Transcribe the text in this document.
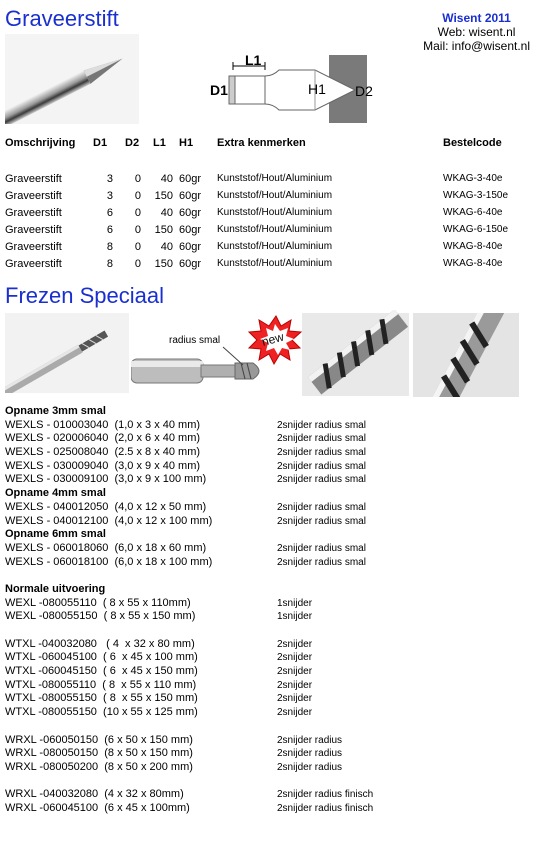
Graveerstift	Wisent 2011
Web: wisent.nl
Mail: info@wisent.nl
L1
D1	H1 D2
Omschrijving	D1	D2	L1	H1	Extra kenmerken	Bestelcode

Graveerstift	3	0	40	60gr	Kunststof/Hout/Aluminium	WKAG-3-40e
Graveerstift	3	0	150	60gr	Kunststof/Hout/Aluminium	WKAG-3-150e
Graveerstift	6	0	40	60gr	Kunststof/Hout/Aluminium	WKAG-6-40e
Graveerstift	6	0	150	60gr	Kunststof/Hout/Aluminium	WKAG-6-150e
Graveerstift	8	0	40	60gr	Kunststof/Hout/Aluminium	WKAG-8-40e
Graveerstift	8	0	150	60gr	Kunststof/Hout/Aluminium	WKAG-8-40e
Frezen Speciaal
radius smal	new
Opname 3mm smal
WEXLS - 010003040  (1,0 x 3 x 40 mm)	2snijder radius smal
WEXLS - 020006040  (2,0 x 6 x 40 mm)	2snijder radius smal
WEXLS - 025008040  (2.5 x 8 x 40 mm)	2snijder radius smal
WEXLS - 030009040  (3,0 x 9 x 40 mm)	2snijder radius smal
WEXLS - 030009100  (3,0 x 9 x 100 mm)	2snijder radius smal
Opname 4mm smal
WEXLS - 040012050  (4,0 x 12 x 50 mm)	2snijder radius smal
WEXLS - 040012100  (4,0 x 12 x 100 mm)	2snijder radius smal
Opname 6mm smal
WEXLS - 060018060  (6,0 x 18 x 60 mm)	2snijder radius smal
WEXLS - 060018100  (6,0 x 18 x 100 mm)	2snijder radius smal
Normale uitvoering
WEXL -080055110  ( 8 x 55 x 110mm)	1snijder
WEXL -080055150  ( 8 x 55 x 150 mm)	1snijder
WTXL -040032080   ( 4  x 32 x 80 mm)	2snijder
WTXL -060045100  ( 6  x 45 x 100 mm)	2snijder
WTXL -060045150  ( 6  x 45 x 150 mm)	2snijder
WTXL -080055110  ( 8  x 55 x 110 mm)	2snijder
WTXL -080055150  ( 8  x 55 x 150 mm)	2snijder
WTXL -080055150  (10 x 55 x 125 mm)	2snijder
WRXL -060050150  (6 x 50 x 150 mm)	2snijder radius
WRXL -080050150  (8 x 50 x 150 mm)	2snijder radius
WRXL -080050200  (8 x 50 x 200 mm)	2snijder radius
WRXL -040032080  (4 x 32 x 80mm)	2snijder radius finisch
WRXL -060045100  (6 x 45 x 100mm)	2snijder radius finisch
